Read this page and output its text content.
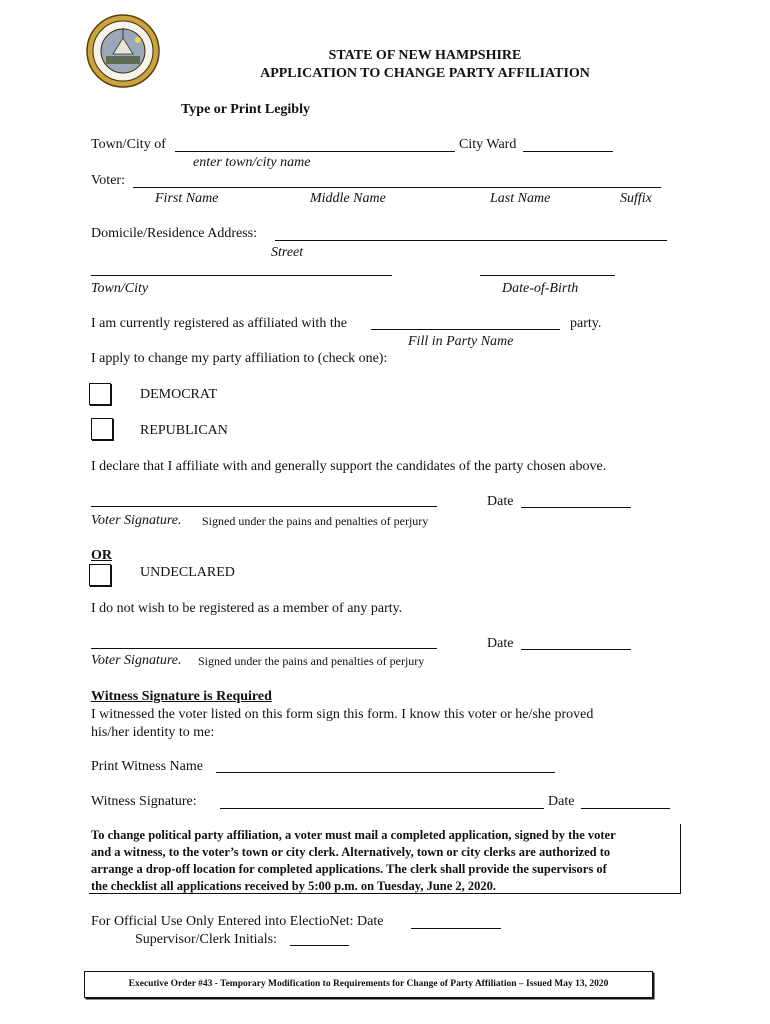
STATE OF NEW HAMPSHIRE
APPLICATION TO CHANGE PARTY AFFILIATION
Type or Print Legibly
Town/City of	City Ward
enter town/city name
Voter:
First Name	Middle Name	Last Name	Suffix
Domicile/Residence Address:
Street
Town/City	Date-of-Birth
I am currently registered as affiliated with the	party.
Fill in Party Name
I apply to change my party affiliation to (check one):
DEMOCRAT
REPUBLICAN
I declare that I affiliate with and generally support the candidates of the party chosen above.
Date
Voter Signature. Signed under the pains and penalties of perjury
OR
UNDECLARED
I do not wish to be registered as a member of any party.
Date
Voter Signature. Signed under the pains and penalties of perjury
Witness Signature is Required
I witnessed the voter listed on this form sign this form. I know this voter or he/she proved
his/her identity to me:
Print Witness Name
Witness Signature:	Date
To change political party affiliation, a voter must mail a completed application, signed by the voter
and a witness, to the voter’s town or city clerk. Alternatively, town or city clerks are authorized to
arrange a drop-off location for completed applications. The clerk shall provide the supervisors of
the checklist all applications received by 5:00 p.m. on Tuesday, June 2, 2020.
For Official Use Only Entered into ElectioNet: Date
Supervisor/Clerk Initials:
Executive Order #43 - Temporary Modification to Requirements for Change of Party Affiliation – Issued May 13, 2020
